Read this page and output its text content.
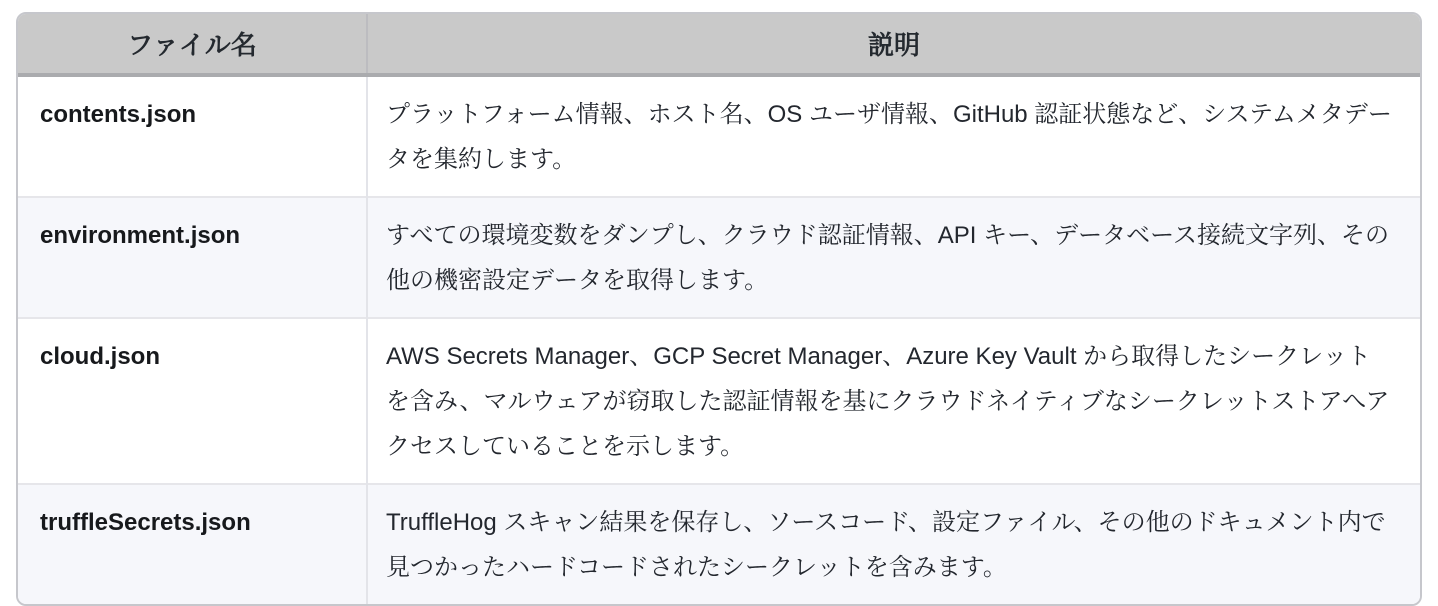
ファイル名	説明
contents.json	プラットフォーム情報、ホスト名、OS ユーザ情報、GitHub 認証状態など、システムメタデータを集約します。
environment.json	すべての環境変数をダンプし、クラウド認証情報、API キー、データベース接続文字列、その他の機密設定データを取得します。
cloud.json	AWS Secrets Manager、GCP Secret Manager、Azure Key Vault から取得したシークレットを含み、マルウェアが窃取した認証情報を基にクラウドネイティブなシークレットストアへアクセスしていることを示します。
truffleSecrets.json	TruffleHog スキャン結果を保存し、ソースコード、設定ファイル、その他のドキュメント内で見つかったハードコードされたシークレットを含みます。
